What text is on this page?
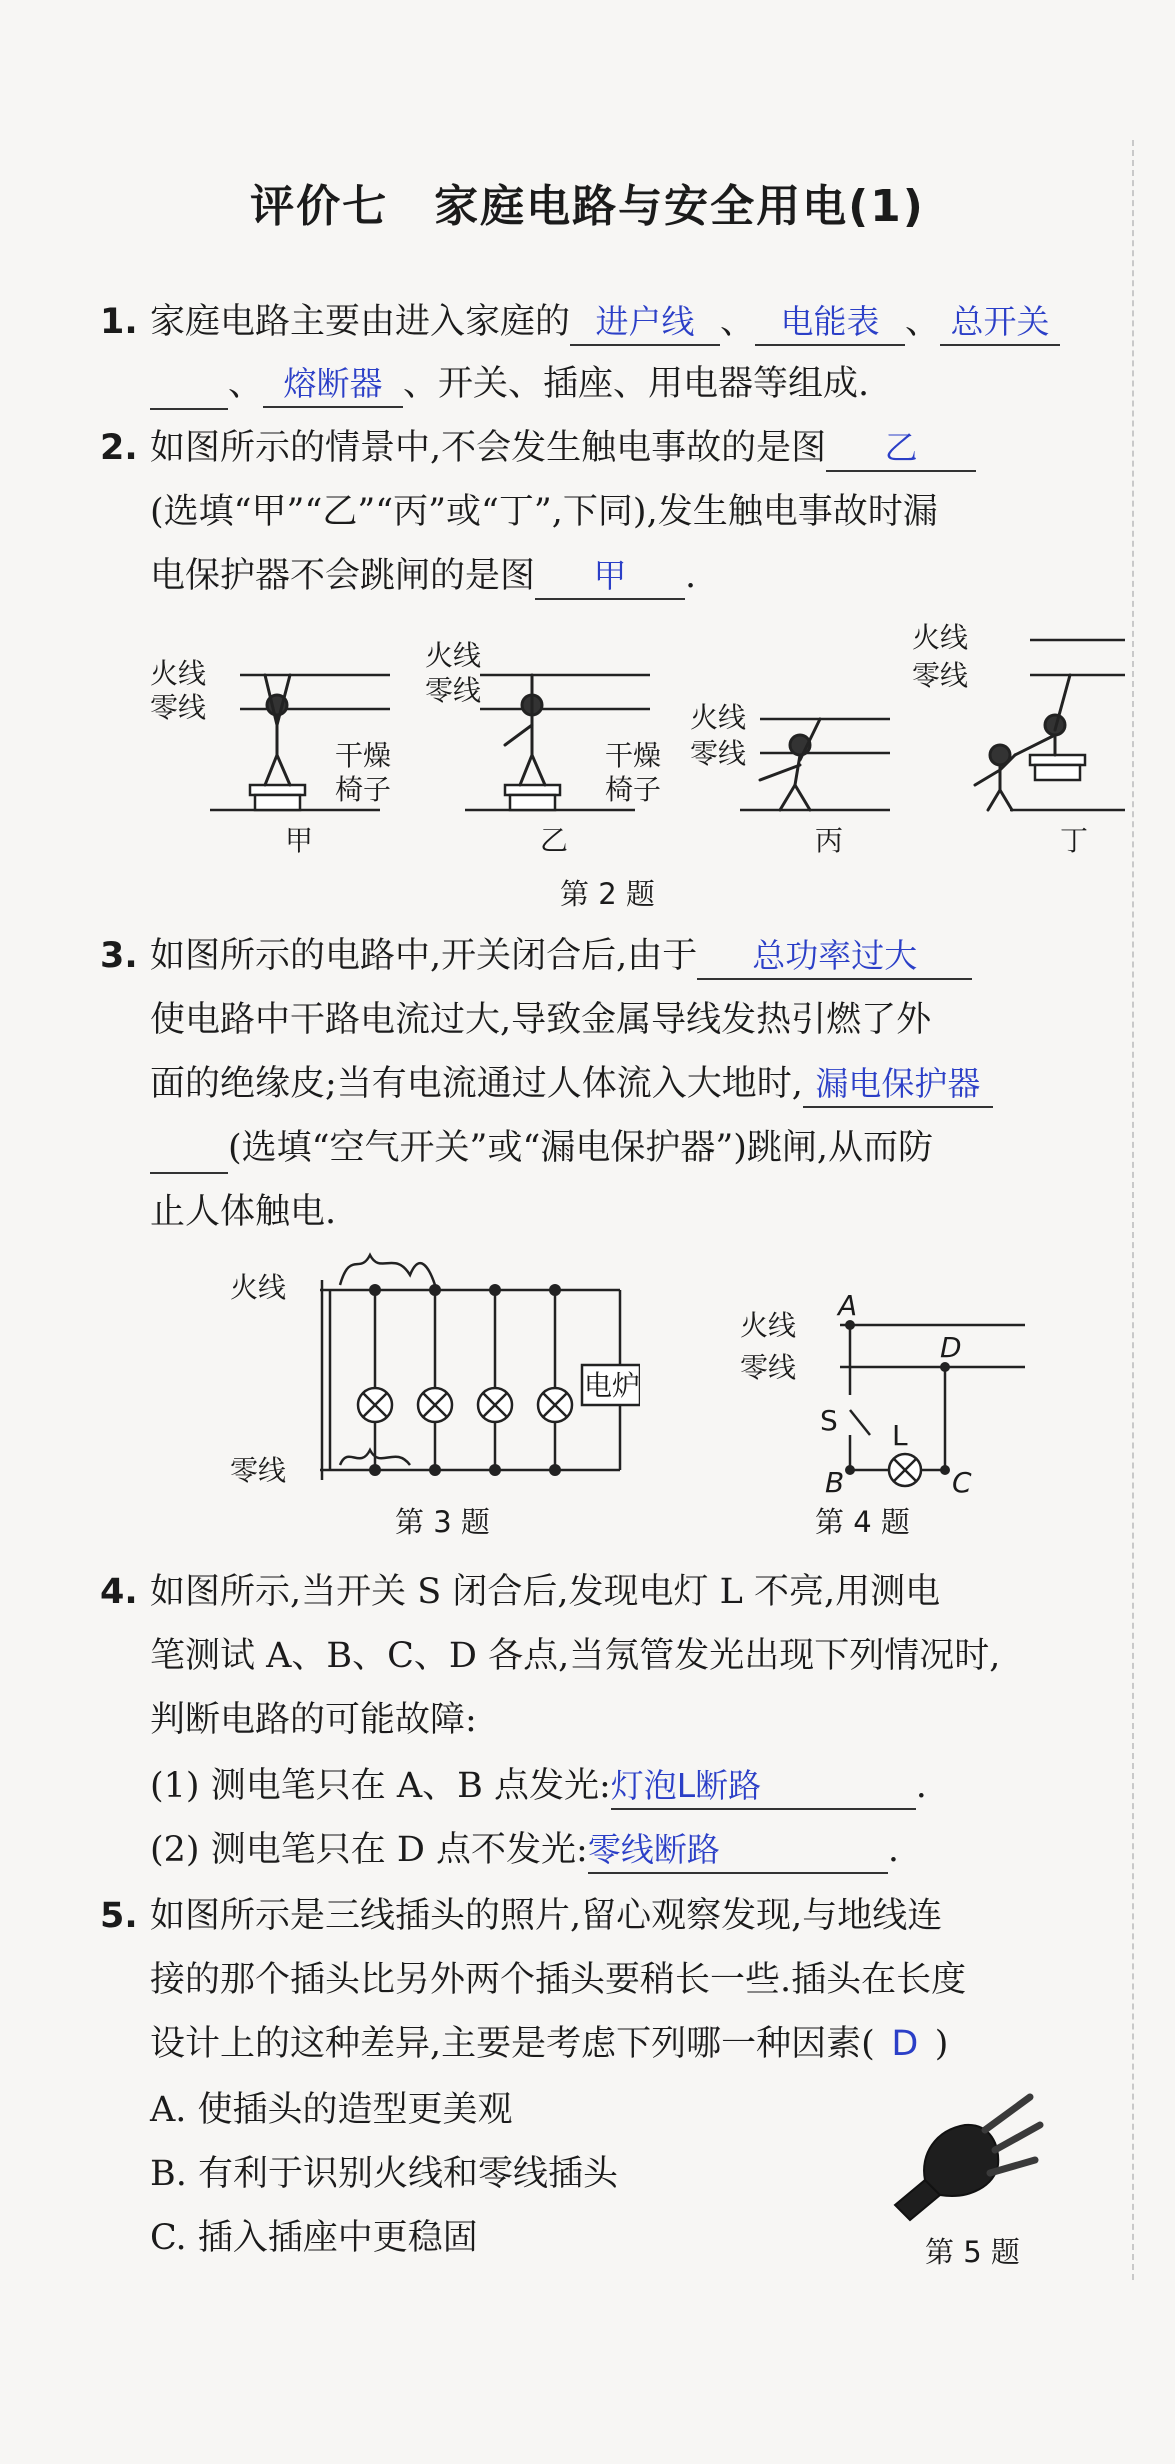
评价七　家庭电路与安全用电(1)
1. 家庭电路主要由进入家庭的 进户线 、 电能表 、 总开关
、 熔断器 、开关、插座、用电器等组成.
2. 如图所示的情景中,不会发生触电事故的是图 乙
(选填“甲”“乙”“丙”或“丁”,下同),发生触电事故时漏
电保护器不会跳闸的是图 甲 .
火线
零线
干燥
椅子
甲
火线
零线
干燥
椅子
乙
火线
零线
丙
火线
零线
丁
第 2 题
3. 如图所示的电路中,开关闭合后,由于 总功率过大
使电路中干路电流过大,导致金属导线发热引燃了外
面的绝缘皮;当有电流通过人体流入大地时, 漏电保护器
(选填“空气开关”或“漏电保护器”)跳闸,从而防
止人体触电.
火线
零线
电炉
第 3 题
火线
零线
A
D
S L
B	C
第 4 题
4. 如图所示,当开关 S 闭合后,发现电灯 L 不亮,用测电
笔测试 A、B、C、D 各点,当氖管发光出现下列情况时,
判断电路的可能故障:
(1) 测电笔只在 A、B 点发光:灯泡L断路	.
(2) 测电笔只在 D 点不发光:零线断路	.
5. 如图所示是三线插头的照片,留心观察发现,与地线连
接的那个插头比另外两个插头要稍长一些.插头在长度
设计上的这种差异,主要是考虑下列哪一种因素( D )
A. 使插头的造型更美观
B. 有利于识别火线和零线插头
C. 插入插座中更稳固	第 5 题
